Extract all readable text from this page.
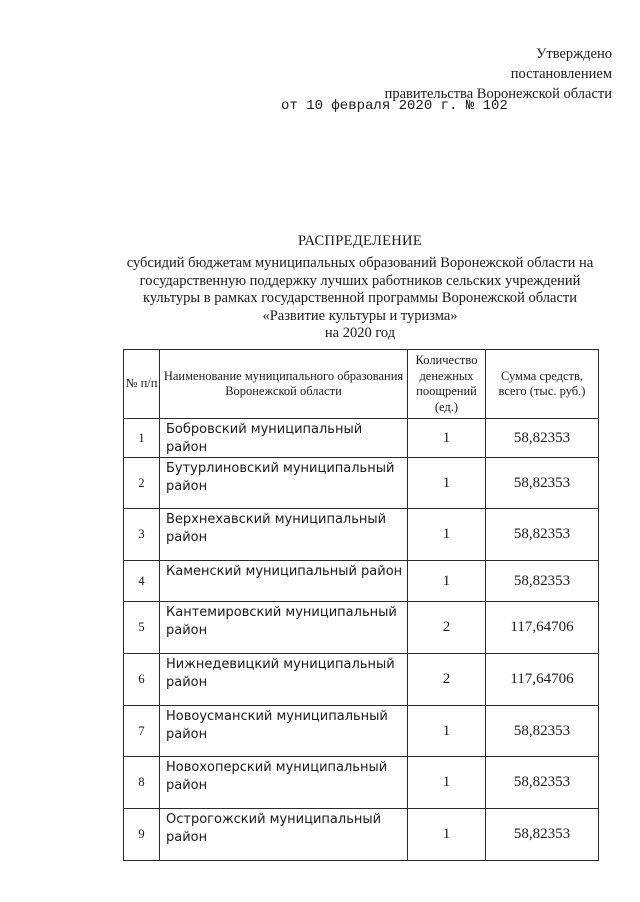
Утверждено
постановлением
правительства Воронежской области
от 10 февраля 2020 г. № 102
РАСПРЕДЕЛЕНИЕ
субсидий бюджетам муниципальных образований Воронежской области на
государственную поддержку лучших работников сельских учреждений
культуры в рамках государственной программы Воронежской области
«Развитие культуры и туризма»
на 2020 год
№ п/п	Наименование муниципального образования Воронежской области	Количество денежных поощрений (ед.)	Сумма средств, всего (тыс. руб.)
1	Бобровский муниципальный район	1	58,82353
2	Бутурлиновский муниципальный район	1	58,82353
3	Верхнехавский муниципальный район	1	58,82353
4	Каменский муниципальный район	1	58,82353
5	Кантемировский муниципальный район	2	117,64706
6	Нижнедевицкий муниципальный район	2	117,64706
7	Новоусманский муниципальный район	1	58,82353
8	Новохоперский муниципальный район	1	58,82353
9	Острогожский муниципальный район	1	58,82353
